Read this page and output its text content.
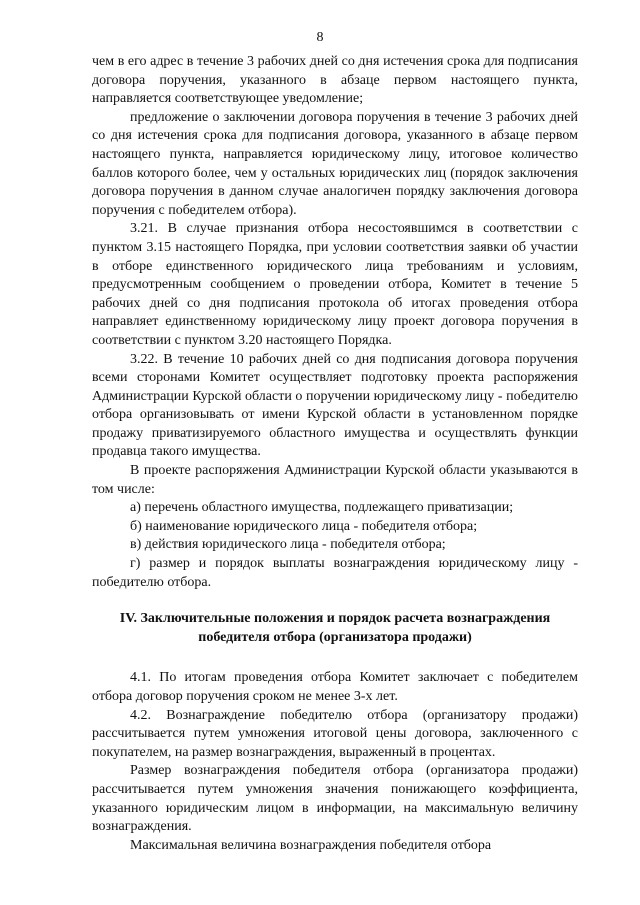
8

чем в его адрес в течение 3 рабочих дней со дня истечения срока для подписания договора поручения, указанного в абзаце первом настоящего пункта, направляется соответствующее уведомление;

предложение о заключении договора поручения в течение 3 рабочих дней со дня истечения срока для подписания договора, указанного в абзаце первом настоящего пункта, направляется юридическому лицу, итоговое количество баллов которого более, чем у остальных юридических лиц (порядок заключения договора поручения в данном случае аналогичен порядку заключения договора поручения с победителем отбора).

3.21. В случае признания отбора несостоявшимся в соответствии с пунктом 3.15 настоящего Порядка, при условии соответствия заявки об участии в отборе единственного юридического лица требованиям и условиям, предусмотренным сообщением о проведении отбора, Комитет в течение 5 рабочих дней со дня подписания протокола об итогах проведения отбора направляет единственному юридическому лицу проект договора поручения в соответствии с пунктом 3.20 настоящего Порядка.

3.22. В течение 10 рабочих дней со дня подписания договора поручения всеми сторонами Комитет осуществляет подготовку проекта распоряжения Администрации Курской области о поручении юридическому лицу - победителю отбора организовывать от имени Курской области в установленном порядке продажу приватизируемого областного имущества и осуществлять функции продавца такого имущества.

В проекте распоряжения Администрации Курской области указываются в том числе:

а) перечень областного имущества, подлежащего приватизации;

б) наименование юридического лица - победителя отбора;

в) действия юридического лица - победителя отбора;

г) размер и порядок выплаты вознаграждения юридическому лицу - победителю отбора.

IV. Заключительные положения и порядок расчета вознаграждения
победителя отбора (организатора продажи)

4.1. По итогам проведения отбора Комитет заключает с победителем отбора договор поручения сроком не менее 3-х лет.

4.2. Вознаграждение победителю отбора (организатору продажи) рассчитывается путем умножения итоговой цены договора, заключенного с покупателем, на размер вознаграждения, выраженный в процентах.

Размер вознаграждения победителя отбора (организатора продажи) рассчитывается путем умножения значения понижающего коэффициента, указанного юридическим лицом в информации, на максимальную величину вознаграждения.

Максимальная величина вознаграждения победителя отбора
